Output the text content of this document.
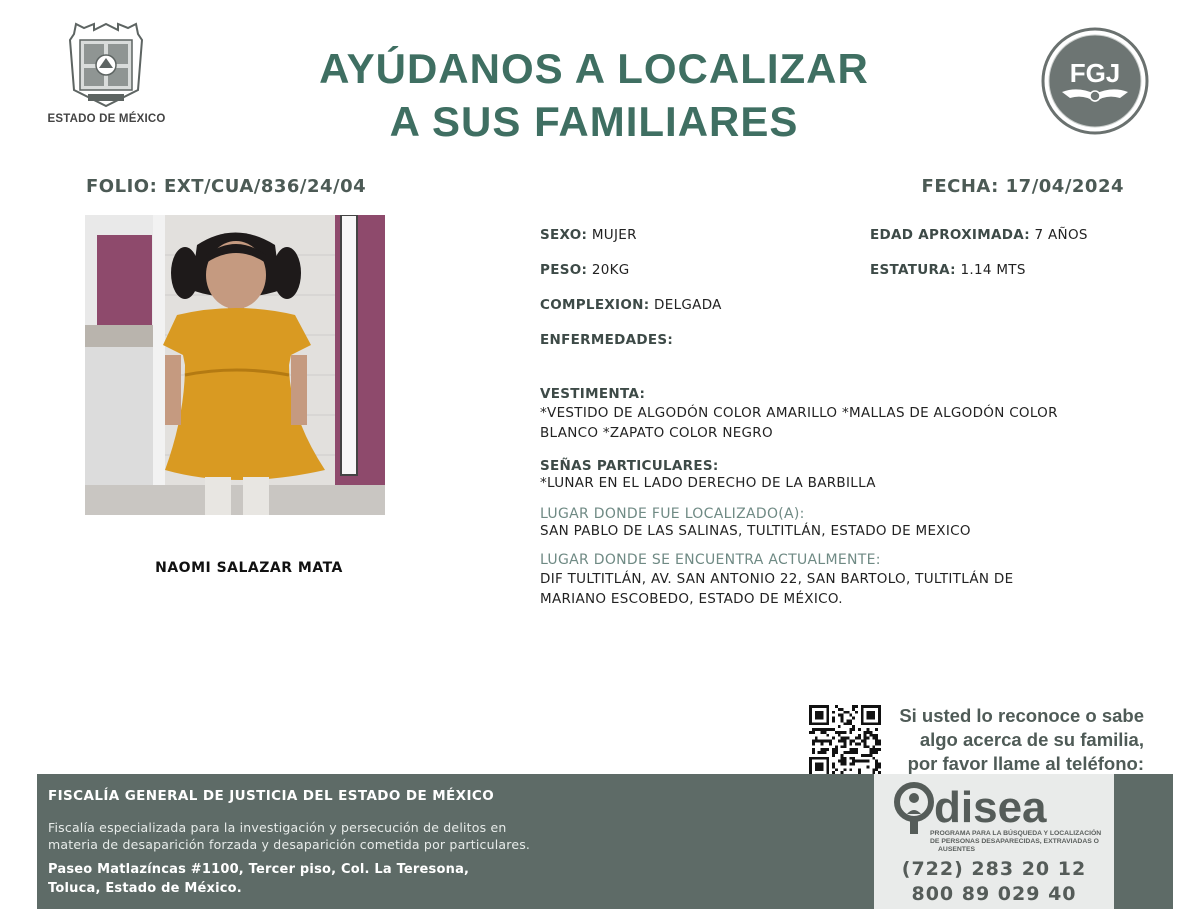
ESTADO DE MÉXICO
AYÚDANOS A LOCALIZAR
A SUS FAMILIARES
FGJ
FOLIO: EXT/CUA/836/24/04	FECHA: 17/04/2024
NAOMI SALAZAR MATA
SEXO: MUJER
PESO: 20KG
COMPLEXION: DELGADA
ENFERMEDADES:
EDAD APROXIMADA: 7 AÑOS
ESTATURA: 1.14 MTS
VESTIMENTA:
*VESTIDO DE ALGODÓN COLOR AMARILLO *MALLAS DE ALGODÓN COLOR
BLANCO *ZAPATO COLOR NEGRO
SEÑAS PARTICULARES:
*LUNAR EN EL LADO DERECHO DE LA BARBILLA
LUGAR DONDE FUE LOCALIZADO(A):
SAN PABLO DE LAS SALINAS, TULTITLÁN, ESTADO DE MEXICO
LUGAR DONDE SE ENCUENTRA ACTUALMENTE:
DIF TULTITLÁN, AV. SAN ANTONIO 22, SAN BARTOLO, TULTITLÁN DE
MARIANO ESCOBEDO, ESTADO DE MÉXICO.
Si usted lo reconoce o sabe
algo acerca de su familia,
por favor llame al teléfono:
FISCALÍA GENERAL DE JUSTICIA DEL ESTADO DE MÉXICO
Fiscalía especializada para la investigación y persecución de delitos en
materia de desaparición forzada y desaparición cometida por particulares.
Paseo Matlazíncas #1100, Tercer piso, Col. La Teresona,
Toluca, Estado de México.
disea
PROGRAMA PARA LA BÚSQUEDA Y LOCALIZACIÓN
DE PERSONAS DESAPARECIDAS, EXTRAVIADAS O
AUSENTES
(722) 283 20 12
800 89 029 40
